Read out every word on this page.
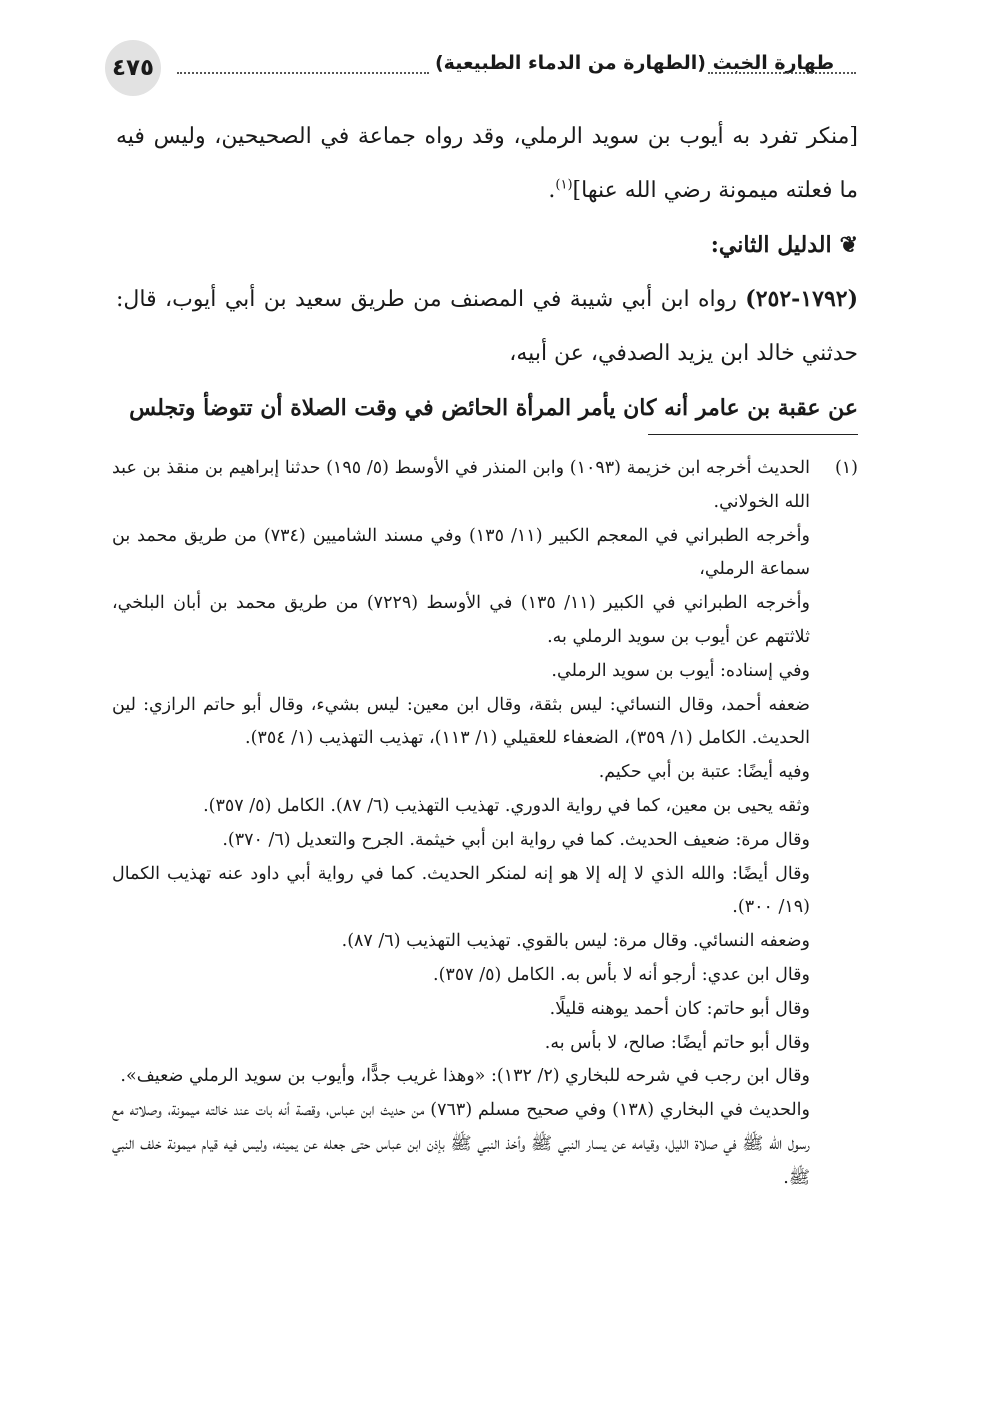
٤٧٥	طهارة الخبث (الطهارة من الدماء الطبيعية)

[منكر تفرد به أيوب بن سويد الرملي، وقد رواه جماعة في الصحيحين، وليس فيه ما فعلته ميمونة رضي الله عنها]$^{(١)}$.

❦
الدليل الثاني:

(١٧٩٢-٢٥٢) رواه ابن أبي شيبة في المصنف من طريق سعيد بن أبي أيوب، قال: حدثني خالد ابن يزيد الصدفي، عن أبيه،

عن عقبة بن عامر أنه كان يأمر المرأة الحائض في وقت الصلاة أن تتوضأ وتجلس

(١)

الحديث أخرجه ابن خزيمة (١٠٩٣) وابن المنذر في الأوسط (٥/ ١٩٥) حدثنا إبراهيم بن منقذ بن عبد الله الخولاني.

وأخرجه الطبراني في المعجم الكبير (١١/ ١٣٥) وفي مسند الشاميين (٧٣٤) من طريق محمد بن سماعة الرملي،

وأخرجه الطبراني في الكبير (١١/ ١٣٥) في الأوسط (٧٢٢٩) من طريق محمد بن أبان البلخي، ثلاثتهم عن أيوب بن سويد الرملي به.

وفي إسناده: أيوب بن سويد الرملي.

ضعفه أحمد، وقال النسائي: ليس بثقة، وقال ابن معين: ليس بشيء، وقال أبو حاتم الرازي: لين الحديث. الكامل (١/ ٣٥٩)، الضعفاء للعقيلي (١/ ١١٣)، تهذيب التهذيب (١/ ٣٥٤).

وفيه أيضًا: عتبة بن أبي حكيم.

وثقه يحيى بن معين، كما في رواية الدوري. تهذيب التهذيب (٦/ ٨٧). الكامل (٥/ ٣٥٧).

وقال مرة: ضعيف الحديث. كما في رواية ابن أبي خيثمة. الجرح والتعديل (٦/ ٣٧٠).

وقال أيضًا: والله الذي لا إله إلا هو إنه لمنكر الحديث. كما في رواية أبي داود عنه تهذيب الكمال (١٩/ ٣٠٠).

وضعفه النسائي. وقال مرة: ليس بالقوي. تهذيب التهذيب (٦/ ٨٧).

وقال ابن عدي: أرجو أنه لا بأس به. الكامل (٥/ ٣٥٧).

وقال أبو حاتم: كان أحمد يوهنه قليلًا.

وقال أبو حاتم أيضًا: صالح، لا بأس به.

وقال ابن رجب في شرحه للبخاري (٢/ ١٣٢): «وهذا غريب جدًّا، وأيوب بن سويد الرملي ضعيف».

والحديث في البخاري (١٣٨) وفي صحيح مسلم (٧٦٣) من حديث ابن عباس، وقصة أنه بات عند خالته ميمونة، وصلاته مع رسول الله ﷺ في صلاة الليل، وقيامه عن يسار النبي ﷺ وأخذ النبي ﷺ بإذن ابن عباس حتى جعله عن يمينه، وليس فيه قيام ميمونة خلف النبي ﷺ.
